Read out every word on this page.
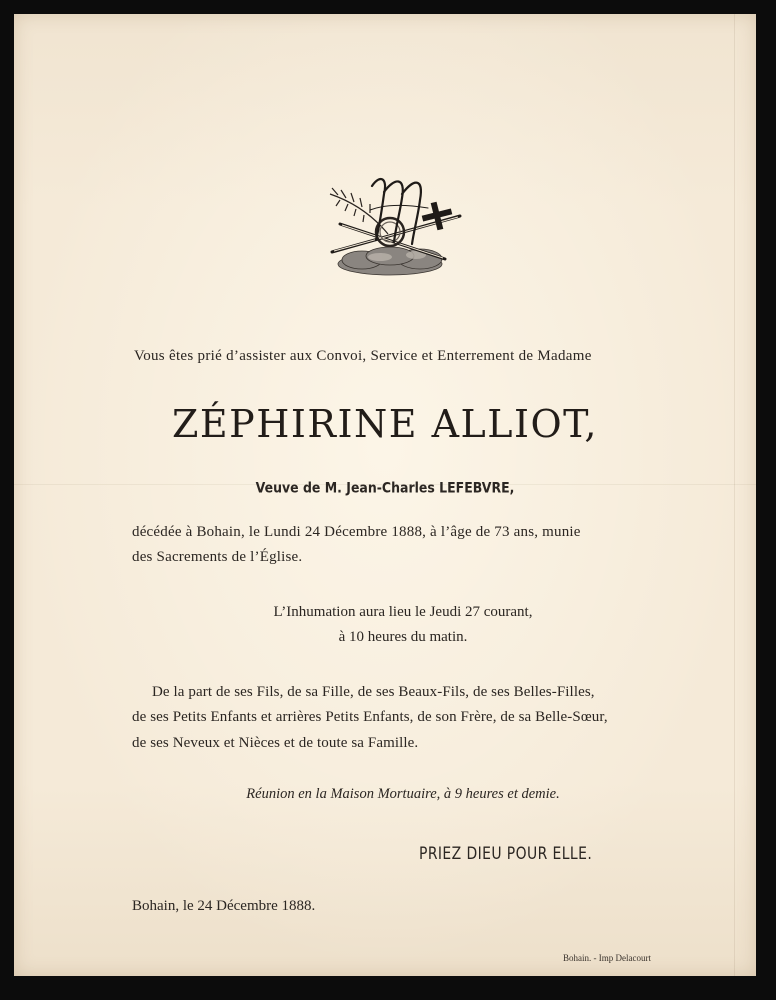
Vous êtes prié d’assister aux Convoi, Service et Enterrement de Madame
ZÉPHIRINE ALLIOT,
Veuve de M. Jean-Charles LEFEBVRE,
décédée à Bohain, le Lundi 24 Décembre 1888, à l’âge de 73 ans, munie
des Sacrements de l’Église.
L’Inhumation aura lieu le Jeudi 27 courant,
à 10 heures du matin.
De la part de ses Fils, de sa Fille, de ses Beaux-Fils, de ses Belles-Filles,
de ses Petits Enfants et arrières Petits Enfants, de son Frère, de sa Belle-Sœur,
de ses Neveux et Nièces et de toute sa Famille.
Réunion en la Maison Mortuaire, à 9 heures et demie.
PRIEZ DIEU POUR ELLE.
Bohain, le 24 Décembre 1888.
Bohain. - Imp Delacourt
